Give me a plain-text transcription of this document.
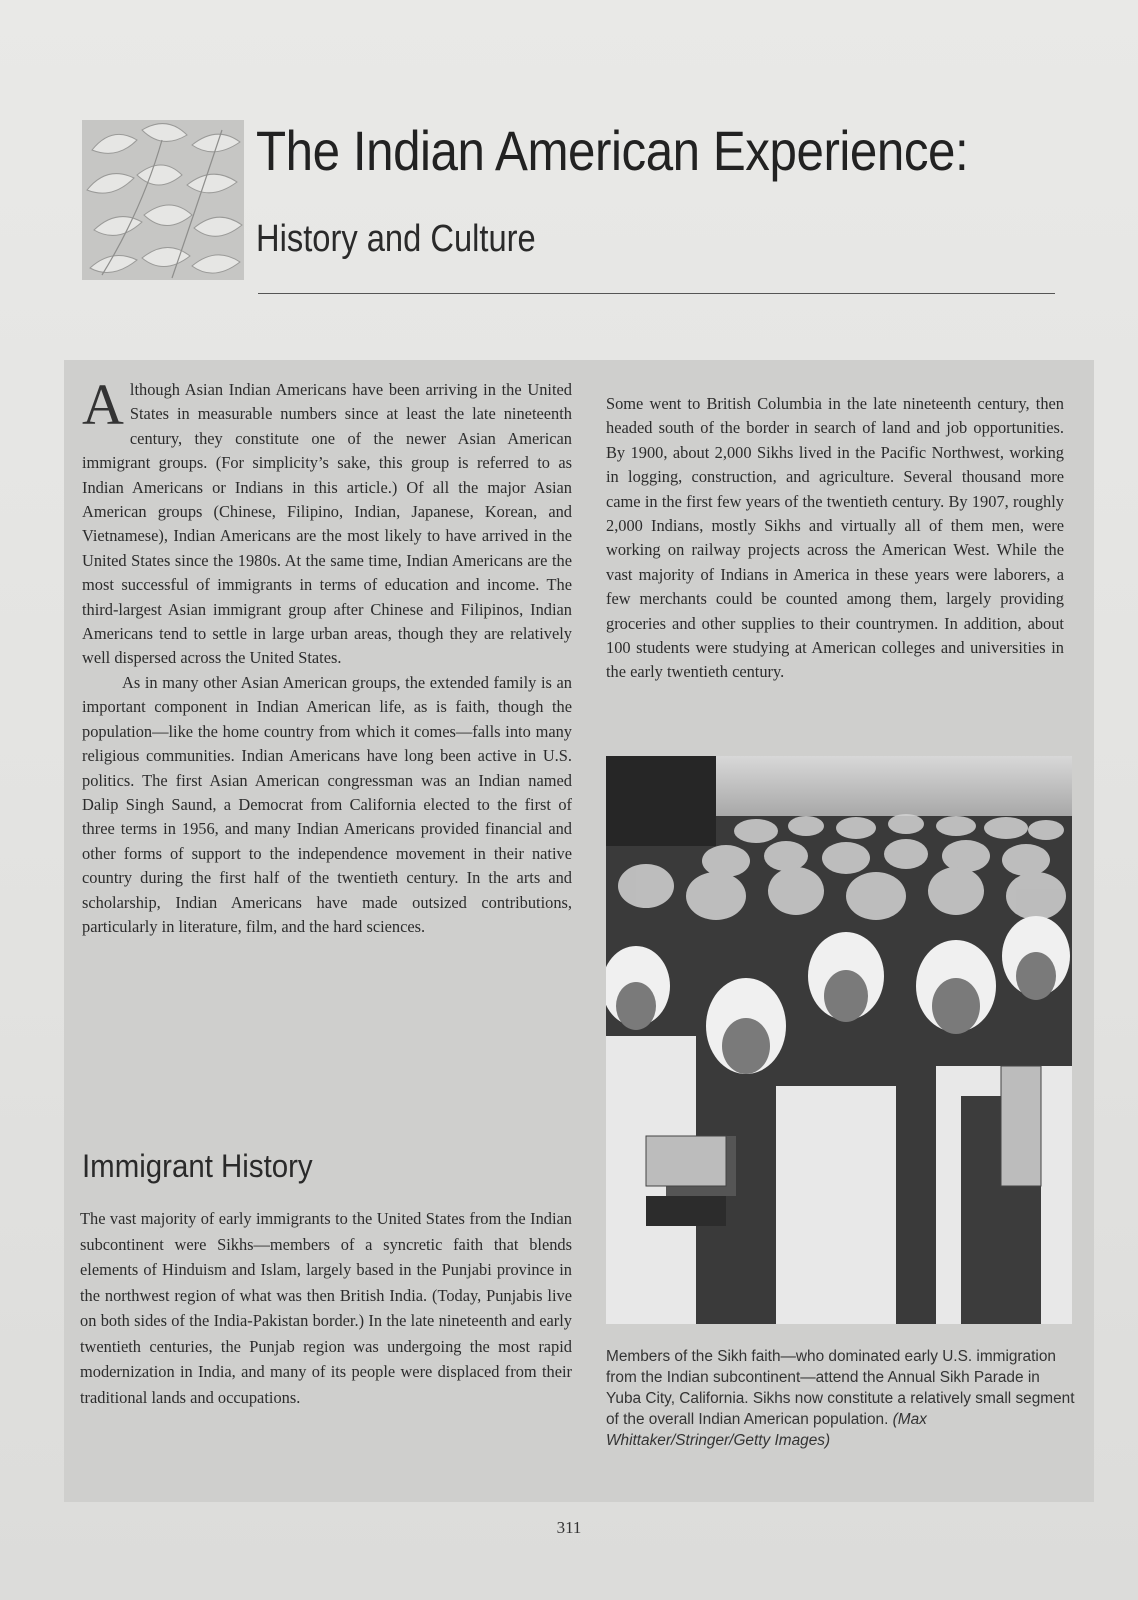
The Indian American Experience:
History and Culture

Although Asian Indian Americans have been arriving in the United States in measurable numbers since at least the late nineteenth century, they constitute one of the newer Asian American immigrant groups. (For simplicity’s sake, this group is referred to as Indian Americans or Indians in this article.) Of all the major Asian American groups (Chinese, Filipino, Indian, Japanese, Korean, and Vietnamese), Indian Americans are the most likely to have arrived in the United States since the 1980s. At the same time, Indian Americans are the most successful of immigrants in terms of education and income. The third-largest Asian immigrant group after Chinese and Filipinos, Indian Americans tend to settle in large urban areas, though they are relatively well dispersed across the United States.

As in many other Asian American groups, the extended family is an important component in Indian American life, as is faith, though the population—like the home country from which it comes—falls into many religious communities. Indian Americans have long been active in U.S. politics. The first Asian American congressman was an Indian named Dalip Singh Saund, a Democrat from California elected to the first of three terms in 1956, and many Indian Americans provided financial and other forms of support to the independence movement in their native country during the first half of the twentieth century. In the arts and scholarship, Indian Americans have made outsized contributions, particularly in literature, film, and the hard sciences.

Immigrant History

The vast majority of early immigrants to the United States from the Indian subcontinent were Sikhs—members of a syncretic faith that blends elements of Hinduism and Islam, largely based in the Punjabi province in the northwest region of what was then British India. (Today, Punjabis live on both sides of the India-Pakistan border.) In the late nineteenth and early twentieth centuries, the Punjab region was undergoing the most rapid modernization in India, and many of its people were displaced from their traditional lands and occupations.

Some went to British Columbia in the late nineteenth century, then headed south of the border in search of land and job opportunities. By 1900, about 2,000 Sikhs lived in the Pacific Northwest, working in logging, construction, and agriculture. Several thousand more came in the first few years of the twentieth century. By 1907, roughly 2,000 Indians, mostly Sikhs and virtually all of them men, were working on railway projects across the American West. While the vast majority of Indians in America in these years were laborers, a few merchants could be counted among them, largely providing groceries and other supplies to their countrymen. In addition, about 100 students were studying at American colleges and universities in the early twentieth century.

Members of the Sikh faith—who dominated early U.S. immigration from the Indian subcontinent—attend the Annual Sikh Parade in Yuba City, California. Sikhs now constitute a relatively small segment of the overall Indian American population. (Max Whittaker/Stringer/Getty Images)
311
